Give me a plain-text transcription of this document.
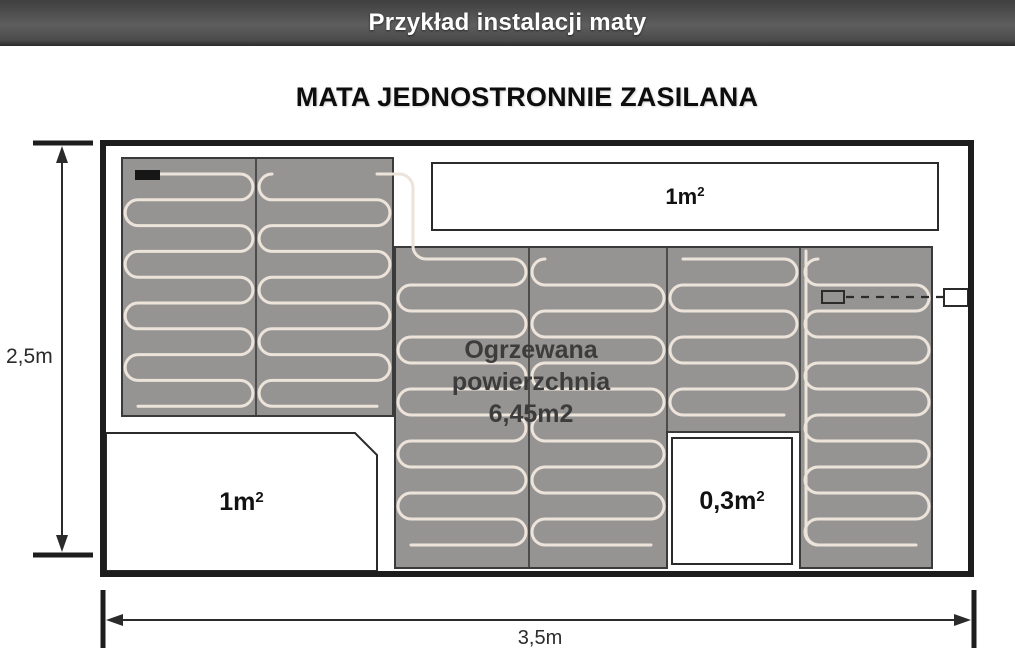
Przykład instalacji maty
MATA JEDNOSTRONNIE ZASILANA
$1m^2$
$1m^2$	$0,3m^2$
Ogrzewana
powierzchnia
6,45m2
2,5m
3,5m
